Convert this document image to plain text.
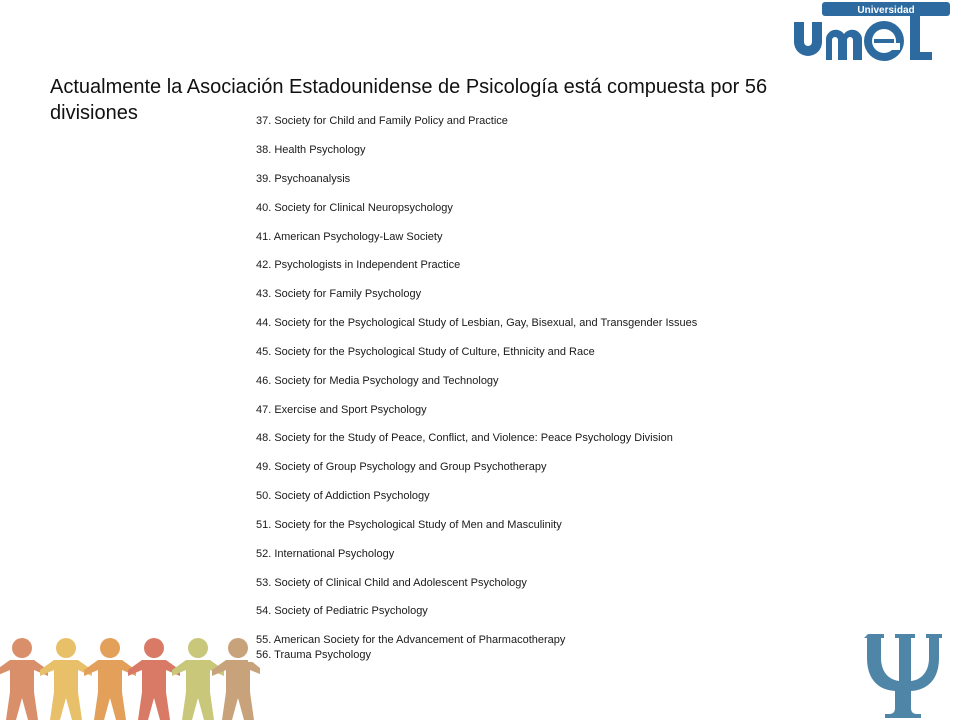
Universidad
Actualmente la Asociación Estadounidense de Psicología está compuesta por 56 divisiones	37. Society for Child and Family Policy and Practice
38. Health Psychology
39. Psychoanalysis
40. Society for Clinical Neuropsychology
41. American Psychology-Law Society
42. Psychologists in Independent Practice
43. Society for Family Psychology
44. Society for the Psychological Study of Lesbian, Gay, Bisexual, and Transgender Issues
45. Society for the Psychological Study of Culture, Ethnicity and Race
46. Society for Media Psychology and Technology
47. Exercise and Sport Psychology
48. Society for the Study of Peace, Conflict, and Violence: Peace Psychology Division
49. Society of Group Psychology and Group Psychotherapy
50. Society of Addiction Psychology
51. Society for the Psychological Study of Men and Masculinity
52. International Psychology
53. Society of Clinical Child and Adolescent Psychology
54. Society of Pediatric Psychology
55. American Society for the Advancement of Pharmacotherapy
56. Trauma Psychology
